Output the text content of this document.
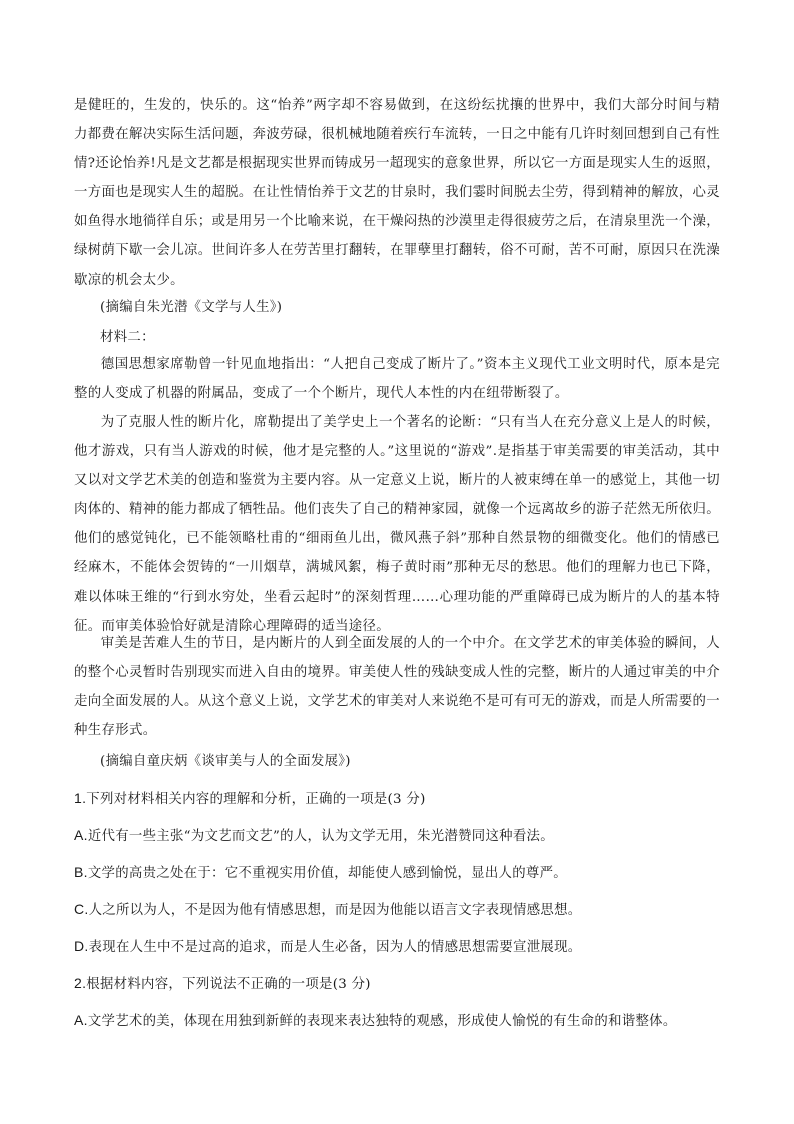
是健旺的，生发的，快乐的。这“怡养”两字却不容易做到，在这纷纭扰攘的世界中，我们大部分时间与精力都费在解决实际生活问题，奔波劳碌，很机械地随着疾行车流转，一日之中能有几许时刻回想到自己有性情?还论怡养!凡是文艺都是根据现实世界而铸成另一超现实的意象世界，所以它一方面是现实人生的返照，一方面也是现实人生的超脱。在让性情怡养于文艺的甘泉时，我们霎时间脱去尘劳，得到精神的解放，心灵如鱼得水地徜徉自乐；或是用另一个比喻来说，在干燥闷热的沙漠里走得很疲劳之后，在清泉里洗一个澡，绿树荫下歇一会儿凉。世间许多人在劳苦里打翻转，在罪孽里打翻转，俗不可耐，苦不可耐，原因只在洗澡歇凉的机会太少。

(摘编自朱光潜《文学与人生》)

材料二：

德国思想家席勒曾一针见血地指出：“人把自己变成了断片了。”资本主义现代工业文明时代，原本是完整的人变成了机器的附属品，变成了一个个断片，现代人本性的内在纽带断裂了。

为了克服人性的断片化，席勒提出了美学史上一个著名的论断：“只有当人在充分意义上是人的时候，他才游戏，只有当人游戏的时候，他才是完整的人。”这里说的“游戏”.是指基于审美需要的审美活动，其中又以对文学艺术美的创造和鉴赏为主要内容。从一定意义上说，断片的人被束缚在单一的感觉上，其他一切肉体的、精神的能力都成了牺牲品。他们丧失了自己的精神家园，就像一个远离故乡的游子茫然无所依归。他们的感觉钝化，已不能领略杜甫的“细雨鱼儿出，微风燕子斜”那种自然景物的细微变化。他们的情感已经麻木，不能体会贺铸的“一川烟草，满城风絮，梅子黄时雨”那种无尽的愁思。他们的理解力也已下降，难以体味王维的“行到水穷处，坐看云起时”的深刻哲理……心理功能的严重障碍已成为断片的人的基本特征。而审美体验恰好就是清除心理障碍的适当途径。

审美是苦难人生的节日，是内断片的人到全面发展的人的一个中介。在文学艺术的审美体验的瞬间，人的整个心灵暂时告别现实而进入自由的境界。审美使人性的残缺变成人性的完整，断片的人通过审美的中介走向全面发展的人。从这个意义上说，文学艺术的审美对人来说绝不是可有可无的游戏，而是人所需要的一种生存形式。

(摘编自童庆炳《谈审美与人的全面发展》)

1.下列对材料相关内容的理解和分析，正确的一项是(3 分)

A.近代有一些主张“为文艺而文艺”的人，认为文学无用，朱光潜赞同这种看法。

B.文学的高贵之处在于：它不重视实用价值，却能使人感到愉悦，显出人的尊严。

C.人之所以为人，不是因为他有情感思想，而是因为他能以语言文字表现情感思想。

D.表现在人生中不是过高的追求，而是人生必备，因为人的情感思想需要宣泄展现。

2.根据材料内容，下列说法不正确的一项是(3 分)

A.文学艺术的美，体现在用独到新鲜的表现来表达独特的观感，形成使人愉悦的有生命的和谐整体。
